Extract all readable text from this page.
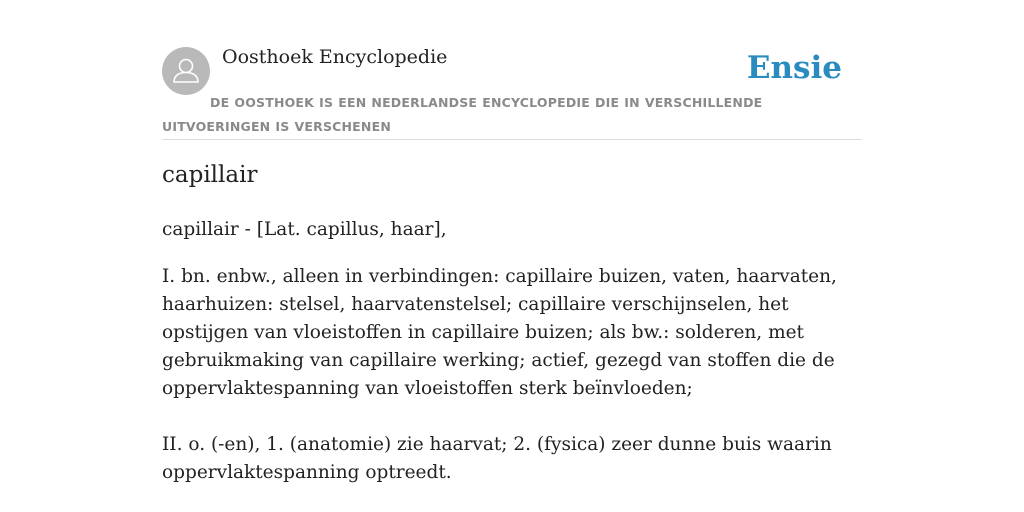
Oosthoek Encyclopedie	Ensie
DE OOSTHOEK IS EEN NEDERLANDSE ENCYCLOPEDIE DIE IN VERSCHILLENDE UITVOERINGEN IS VERSCHENEN
capillair

capillair - [Lat. capillus, haar],

I. bn. enbw., alleen in verbindingen: capillaire buizen, vaten, haarvaten, haarhuizen: stelsel, haarvatenstelsel; capillaire verschijnselen, het opstijgen van vloeistoffen in capillaire buizen; als bw.: solderen, met gebruikmaking van capillaire werking; actief, gezegd van stoffen die de oppervlaktespanning van vloeistoffen sterk beïnvloeden;

II. o. (-en), 1. (anatomie) zie haarvat; 2. (fysica) zeer dunne buis waarin oppervlaktespanning optreedt.
